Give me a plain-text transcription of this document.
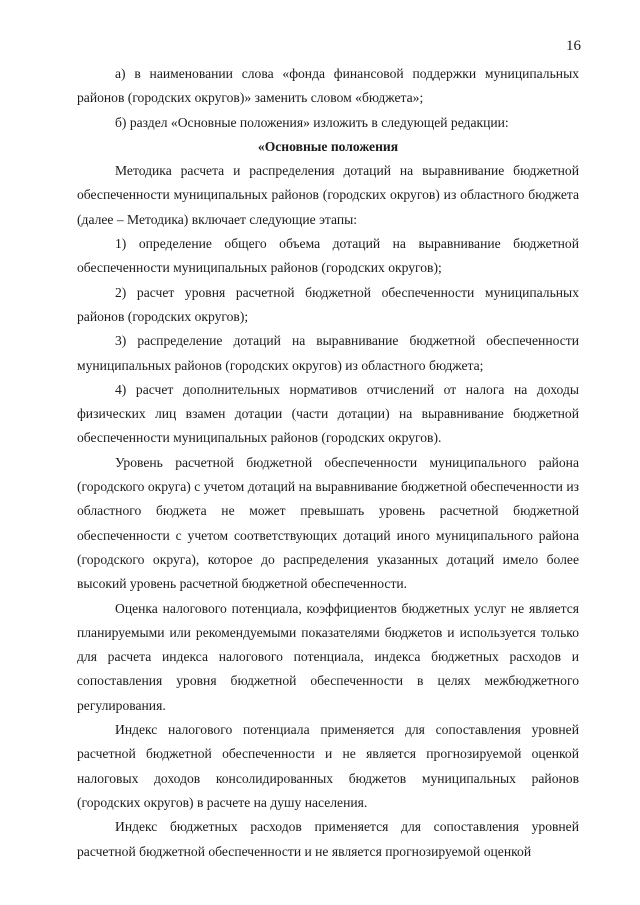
16

а) в наименовании слова «фонда финансовой поддержки муниципальных районов (городских округов)» заменить словом «бюджета»;

б) раздел «Основные положения» изложить в следующей редакции:

«Основные положения

Методика расчета и распределения дотаций на выравнивание бюджетной обеспеченности муниципальных районов (городских округов) из областного бюджета (далее – Методика) включает следующие этапы:

1) определение общего объема дотаций на выравнивание бюджетной обеспеченности муниципальных районов (городских округов);

2) расчет уровня расчетной бюджетной обеспеченности муниципальных районов (городских округов);

3) распределение дотаций на выравнивание бюджетной обеспеченности муниципальных районов (городских округов) из областного бюджета;

4) расчет дополнительных нормативов отчислений от налога на доходы физических лиц взамен дотации (части дотации) на выравнивание бюджетной обеспеченности муниципальных районов (городских округов).

Уровень расчетной бюджетной обеспеченности муниципального района (городского округа) с учетом дотаций на выравнивание бюджетной обеспеченности из областного бюджета не может превышать уровень расчетной бюджетной обеспеченности с учетом соответствующих дотаций иного муниципального района (городского округа), которое до распределения указанных дотаций имело более высокий уровень расчетной бюджетной обеспеченности.

Оценка налогового потенциала, коэффициентов бюджетных услуг не является планируемыми или рекомендуемыми показателями бюджетов и используется только для расчета индекса налогового потенциала, индекса бюджетных расходов и сопоставления уровня бюджетной обеспеченности в целях межбюджетного регулирования.

Индекс налогового потенциала применяется для сопоставления уровней расчетной бюджетной обеспеченности и не является прогнозируемой оценкой налоговых доходов консолидированных бюджетов муниципальных районов (городских округов) в расчете на душу населения.

Индекс бюджетных расходов применяется для сопоставления уровней расчетной бюджетной обеспеченности и не является прогнозируемой оценкой
